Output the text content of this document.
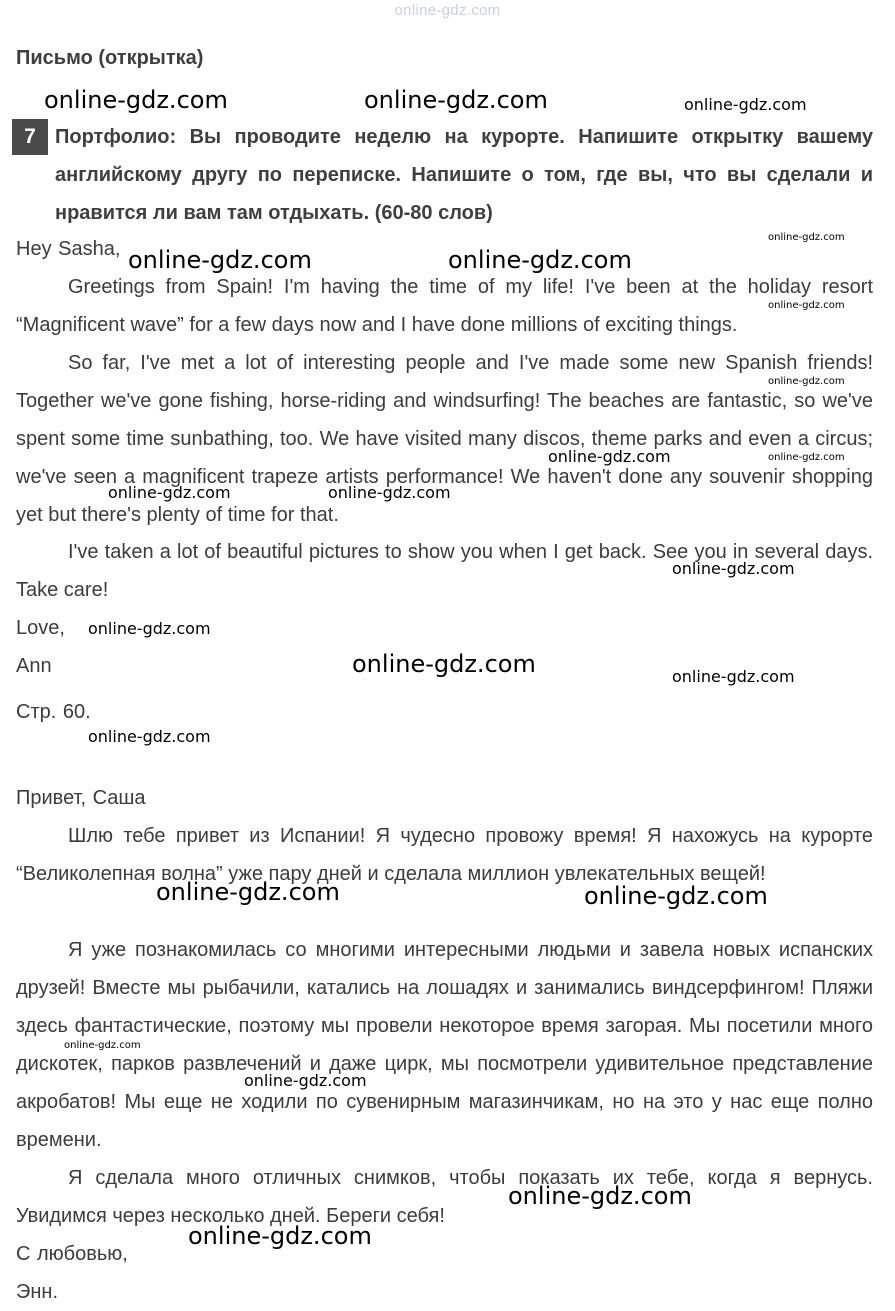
online-gdz.com
Письмо (открытка)
7 Портфолио: Вы проводите неделю на курорте. Напишите открытку вашему английскому другу по переписке. Напишите о том, где вы, что вы сделали и нравится ли вам там отдыхать. (60-80 слов)
Hey Sasha,

Greetings from Spain! I'm having the time of my life! I've been at the holiday resort “Magnificent wave” for a few days now and I have done millions of exciting things.

So far, I've met a lot of interesting people and I've made some new Spanish friends! Together we've gone fishing, horse-riding and windsurfing! The beaches are fantastic, so we've spent some time sunbathing, too. We have visited many discos, theme parks and even a circus; we've seen a magnificent trapeze artists performance! We haven't done any souvenir shopping yet but there's plenty of time for that.

I've taken a lot of beautiful pictures to show you when I get back. See you in several days. Take care!

Love,
Ann
Стр. 60.
Привет, Саша

Шлю тебе привет из Испании! Я чудесно провожу время! Я нахожусь на курорте “Великолепная волна” уже пару дней и сделала миллион увлекательных вещей!

Я уже познакомилась со многими интересными людьми и завела новых испанских друзей! Вместе мы рыбачили, катались на лошадях и занимались виндсерфингом! Пляжи здесь фантастические, поэтому мы провели некоторое время загорая. Мы посетили много дискотек, парков развлечений и даже цирк, мы посмотрели удивительное представление акробатов! Мы еще не ходили по сувенирным магазинчикам, но на это у нас еще полно времени.

Я сделала много отличных снимков, чтобы показать их тебе, когда я вернусь. Увидимся через несколько дней. Береги себя!

С любовью,
Энн.
online-gdz.com	online-gdz.com	online-gdz.com
online-gdz.com
online-gdz.com	online-gdz.com
online-gdz.com
online-gdz.com
online-gdz.com
online-gdz.com
online-gdz.com	online-gdz.com
online-gdz.com
online-gdz.com
online-gdz.com	online-gdz.com
online-gdz.com
online-gdz.com	online-gdz.com
online-gdz.com
online-gdz.com
online-gdz.com
online-gdz.com
